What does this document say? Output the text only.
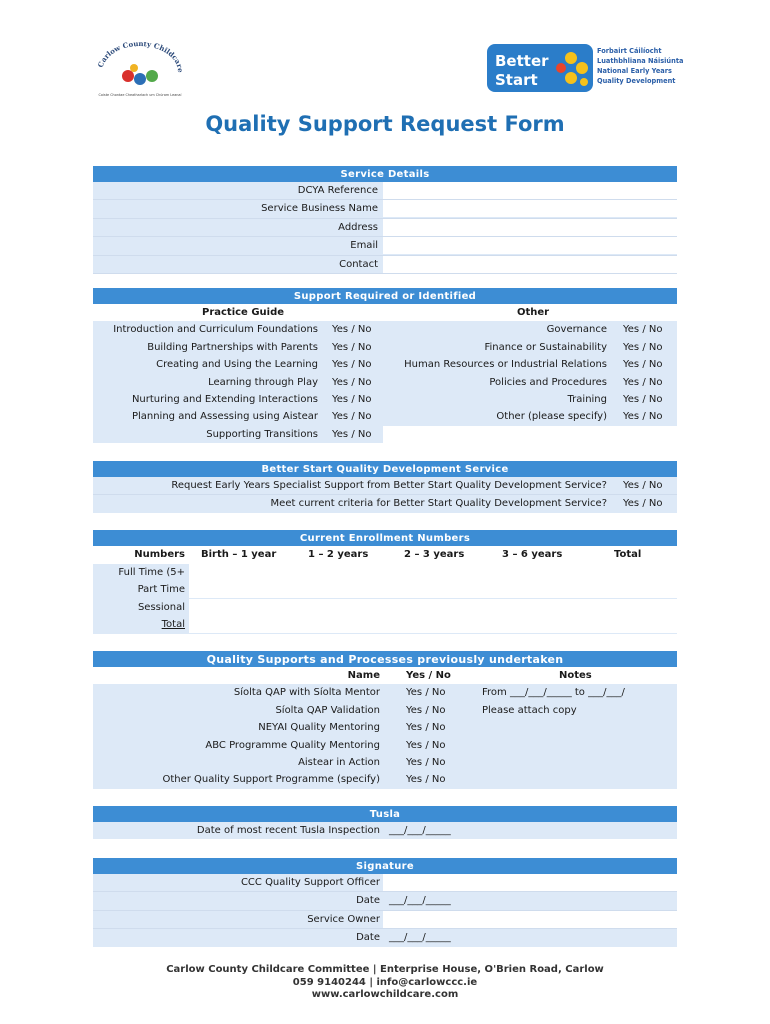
Carlow County Childcare
Coiste Chontae Cheatharlach um Chúram Leanaí
Better
Start
Forbairt Cáilíocht
Luathbhliana Náisiúnta
National Early Years
Quality Development
Quality Support Request Form
Service Details
DCYA Reference
Service Business Name
Address
Email
Contact
Support Required or Identified
Practice Guide	Other
Introduction and Curriculum Foundations Yes / No	Governance Yes / No
Building Partnerships with Parents Yes / No	Finance or Sustainability Yes / No
Creating and Using the Learning Yes / No	Human Resources or Industrial Relations Yes / No
Learning through Play Yes / No	Policies and Procedures Yes / No
Nurturing and Extending Interactions Yes / No	Training Yes / No
Planning and Assessing using Aistear Yes / No	Other (please specify) Yes / No
Supporting Transitions Yes / No
Better Start Quality Development Service
Request Early Years Specialist Support from Better Start Quality Development Service? Yes / No
Meet current criteria for Better Start Quality Development Service? Yes / No
Current Enrollment Numbers
Numbers Birth – 1 year	1 – 2 years	2 – 3 years	3 – 6 years	Total
Full Time (5+
Part Time
Sessional
Total
Quality Supports and Processes previously undertaken
Name	Yes / No	Notes
Síolta QAP with Síolta Mentor	Yes / No	From ___/___/_____ to ___/___/
Síolta QAP Validation	Yes / No	Please attach copy
NEYAI Quality Mentoring	Yes / No
ABC Programme Quality Mentoring	Yes / No
Aistear in Action	Yes / No
Other Quality Support Programme (specify)	Yes / No
Tusla
Date of most recent Tusla Inspection ___/___/_____
Signature
CCC Quality Support Officer
Date ___/___/_____
Service Owner
Date ___/___/_____
Carlow County Childcare Committee | Enterprise House, O'Brien Road, Carlow
059 9140244 | info@carlowccc.ie
www.carlowchildcare.com
